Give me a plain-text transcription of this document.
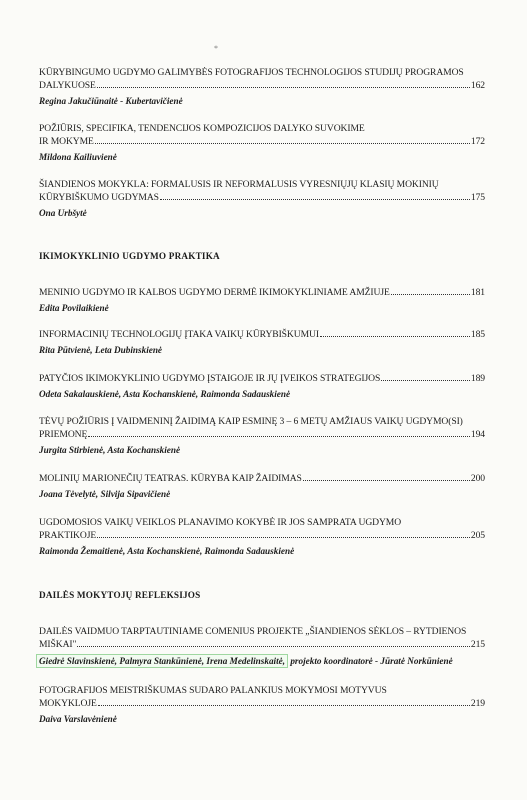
*
KŪRYBINGUMO UGDYMO GALIMYBĖS FOTOGRAFIJOS TECHNOLOGIJOS STUDIJŲ PROGRAMOS
DALYKUOSE	162
Regina Jakučiūnaitė - Kubertavičienė
POŽIŪRIS, SPECIFIKA, TENDENCIJOS KOMPOZICIJOS DALYKO SUVOKIME
IR MOKYME	172
Mildona Kailiuvienė
ŠIANDIENOS MOKYKLA: FORMALUSIS IR NEFORMALUSIS VYRESNIŲJŲ KLASIŲ MOKINIŲ
KŪRYBIŠKUMO UGDYMAS	175
Ona Urbšytė
IKIMOKYKLINIO UGDYMO PRAKTIKA
MENINIO UGDYMO IR KALBOS UGDYMO DERMĖ IKIMOKYKLINIAME AMŽIUJE	181
Edita Povilaikienė
INFORMACINIŲ TECHNOLOGIJŲ ĮTAKA VAIKŲ KŪRYBIŠKUMUI	185
Rita Pūtvienė, Leta Dubinskienė
PATYČIOS IKIMOKYKLINIO UGDYMO ĮSTAIGOJE IR JŲ ĮVEIKOS STRATEGIJOS	189
Odeta Sakalauskienė, Asta Kochanskienė, Raimonda Sadauskienė
TĖVŲ POŽIŪRIS Į VAIDMENINĮ ŽAIDIMĄ KAIP ESMINĘ 3 – 6 METŲ AMŽIAUS VAIKŲ UGDYMO(SI)
PRIEMONĘ	194
Jurgita Stirbienė, Asta Kochanskienė
MOLINIŲ MARIONEČIŲ TEATRAS. KŪRYBA KAIP ŽAIDIMAS	200
Joana Tėvelytė, Silvija Sipavičienė
UGDOMOSIOS VAIKŲ VEIKLOS PLANAVIMO KOKYBĖ IR JOS SAMPRATA UGDYMO
PRAKTIKOJE	205
Raimonda Žemaitienė, Asta Kochanskienė, Raimonda Sadauskienė
DAILĖS MOKYTOJŲ REFLEKSIJOS
DAILĖS VAIDMUO TARPTAUTINIAME COMENIUS PROJEKTE „ŠIANDIENOS SĖKLOS – RYTDIENOS
MIŠKAI"	215
Giedrė Slavinskienė, Palmyra Stankūnienė, Irena Medelinskaitė, projekto koordinatorė - Jūratė Norkūnienė
FOTOGRAFIJOS MEISTRIŠKUMAS SUDARO PALANKIUS MOKYMOSI MOTYVUS
MOKYKLOJE	219
Daiva Varslavėnienė
